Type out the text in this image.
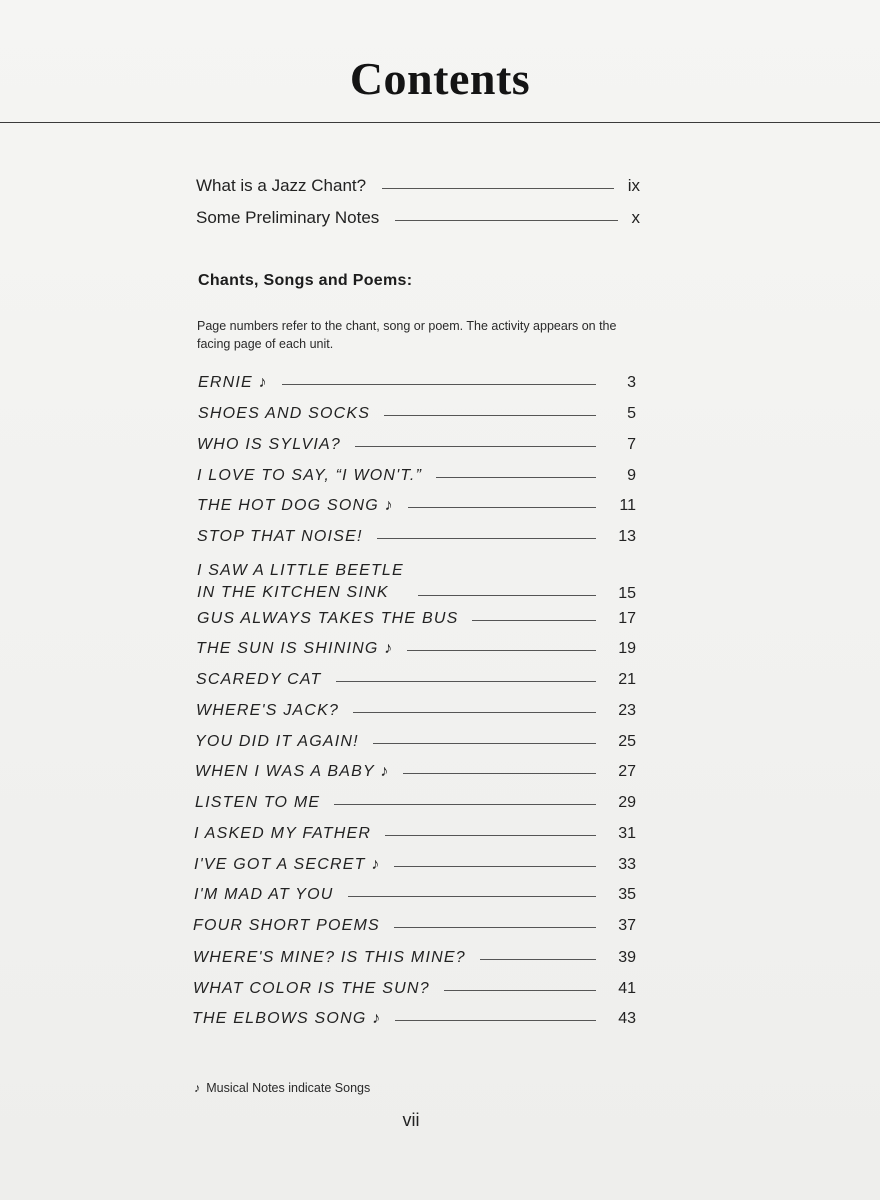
Contents
What is a Jazz Chant?	ix
Some Preliminary Notes	x
Chants, Songs and Poems:
Page numbers refer to the chant, song or poem. The activity appears on the facing page of each unit.
ERNIE ♪	3
SHOES AND SOCKS	5
WHO IS SYLVIA?	7
I LOVE TO SAY, “I WON'T.”	9
THE HOT DOG SONG ♪	11
STOP THAT NOISE!	13
I SAW A LITTLE BEETLE
IN THE KITCHEN SINK	15
GUS ALWAYS TAKES THE BUS	17
THE SUN IS SHINING ♪	19
SCAREDY CAT	21
WHERE'S JACK?	23
YOU DID IT AGAIN!	25
WHEN I WAS A BABY ♪	27
LISTEN TO ME	29
I ASKED MY FATHER	31
I'VE GOT A SECRET ♪	33
I'M MAD AT YOU	35
FOUR SHORT POEMS	37
WHERE'S MINE? IS THIS MINE?	39
WHAT COLOR IS THE SUN?	41
THE ELBOWS SONG ♪	43
♪ Musical Notes indicate Songs
vii
